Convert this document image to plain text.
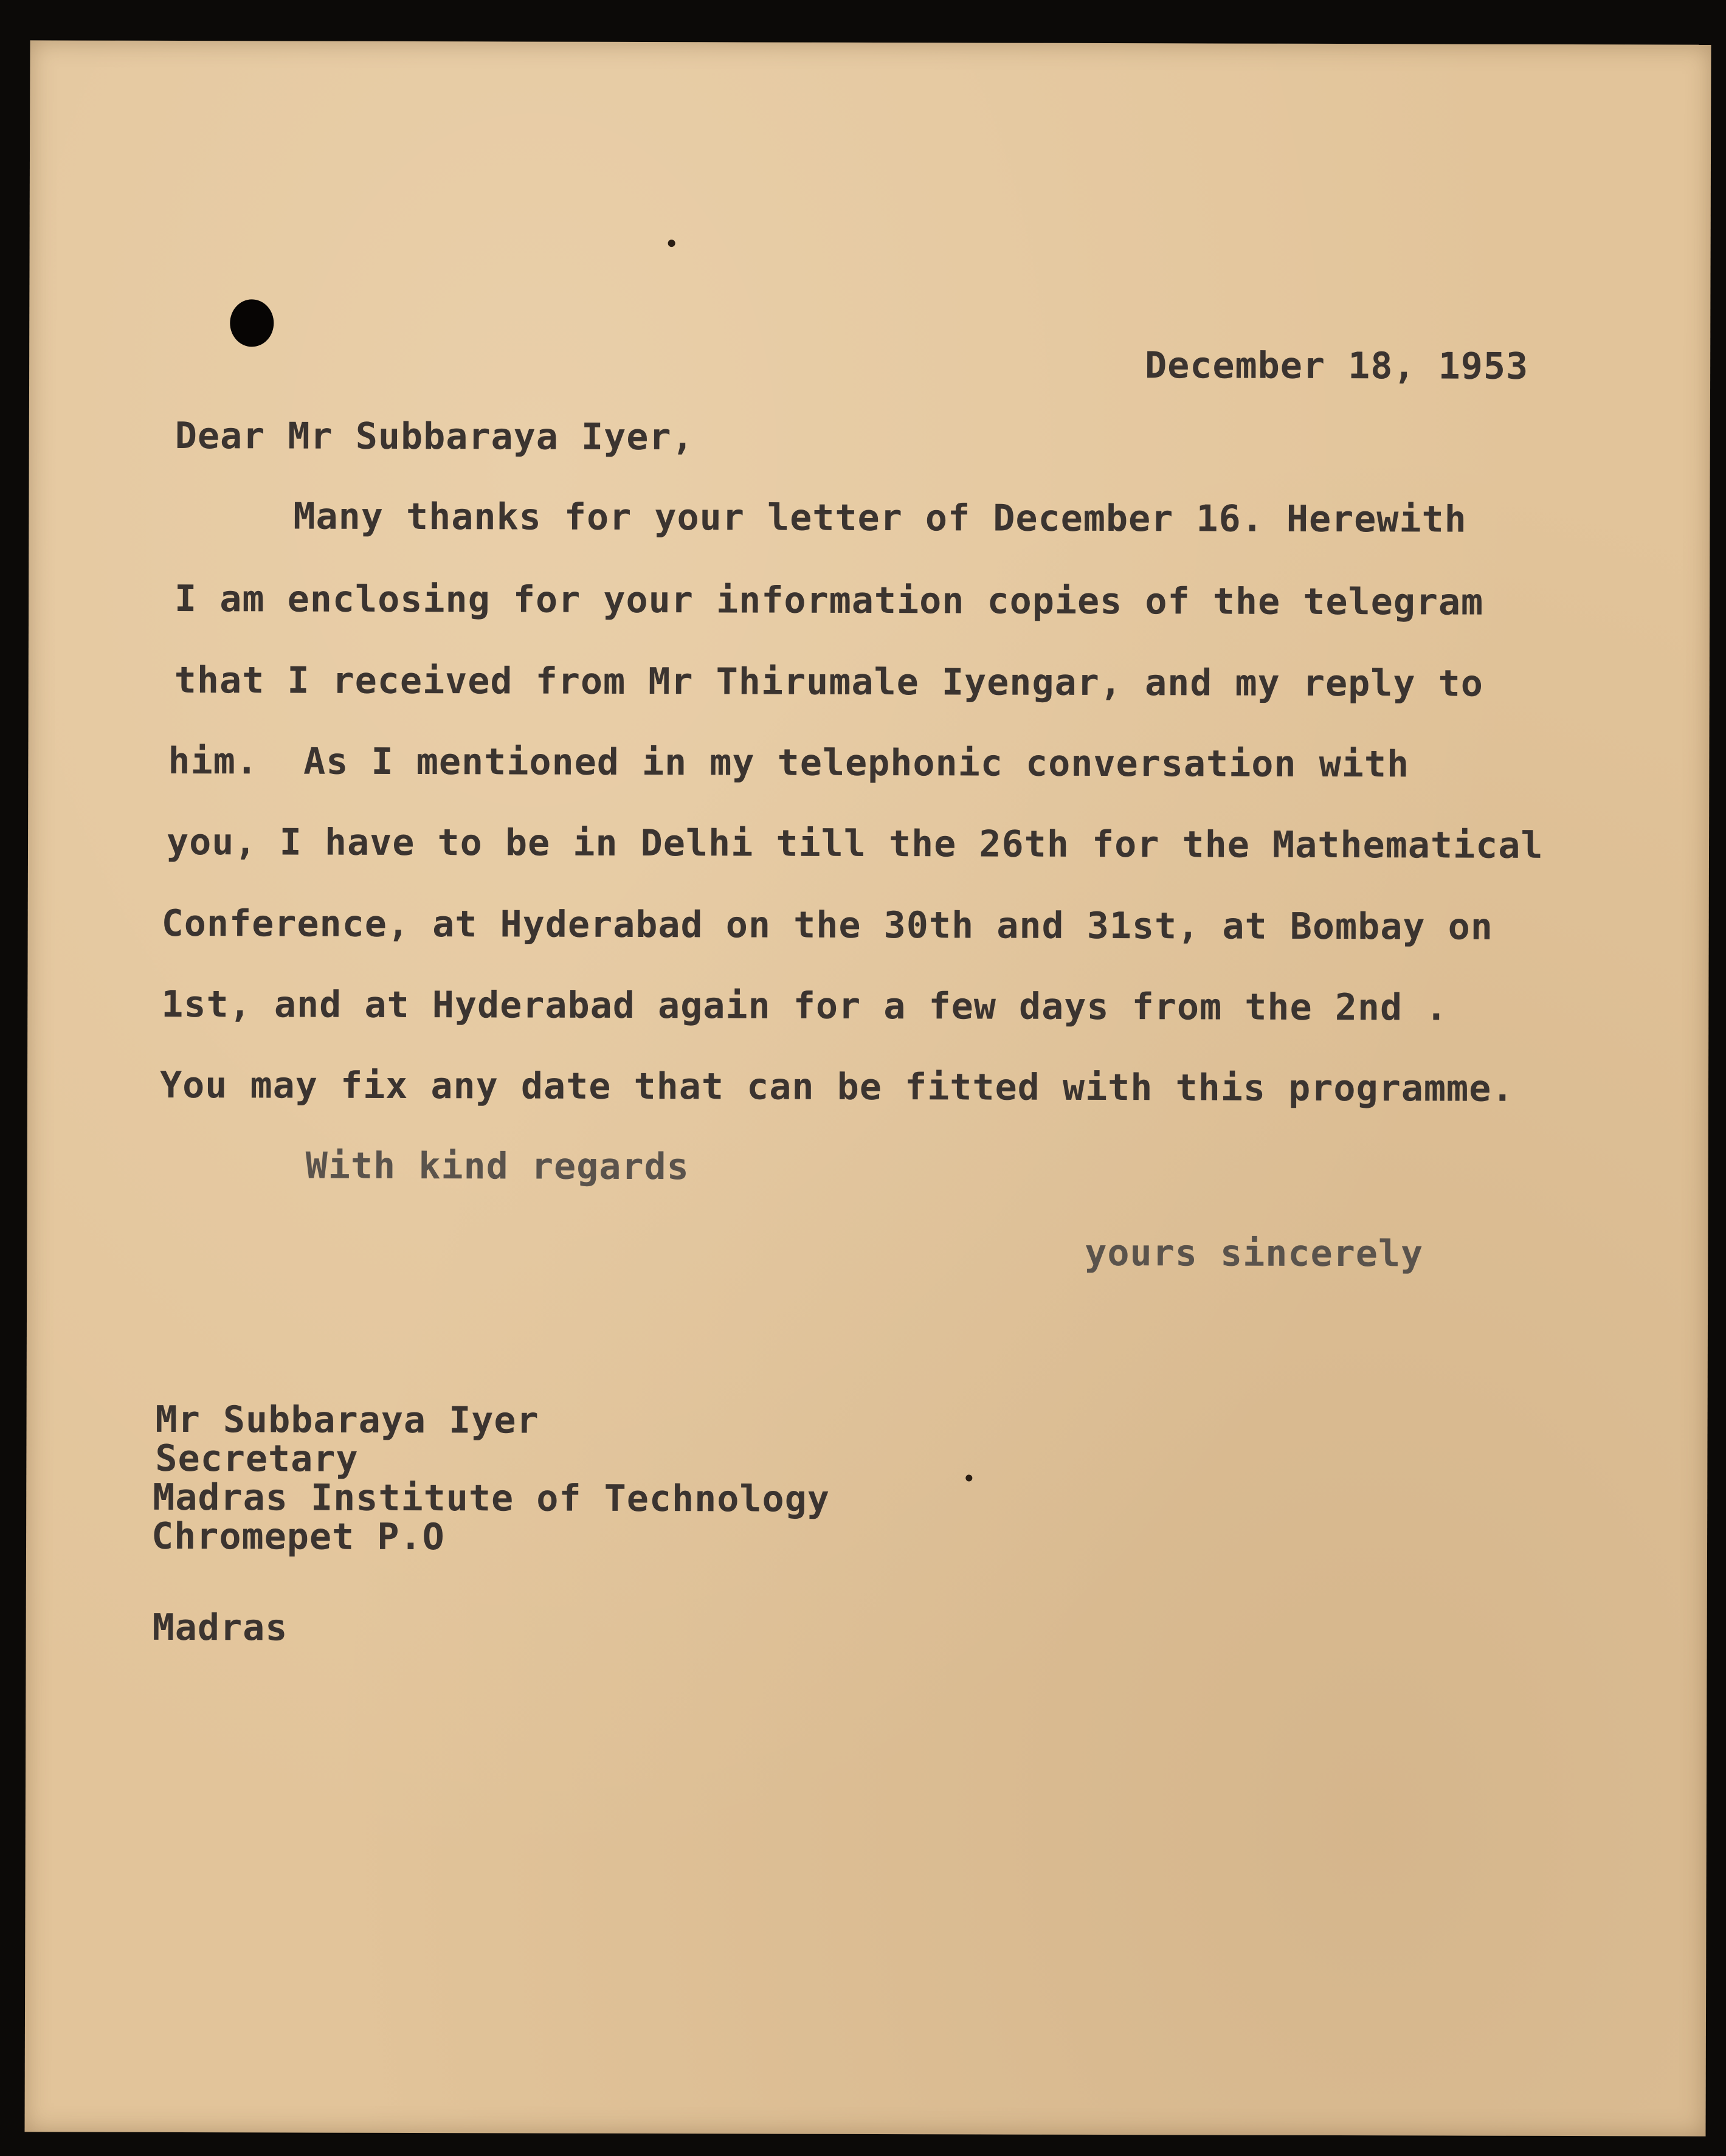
December 18, 1953
Dear Mr Subbaraya Iyer,
Many thanks for your letter of December 16. Herewith
I am enclosing for your information copies of the telegram
that I received from Mr Thirumale Iyengar, and my reply to
him.  As I mentioned in my telephonic conversation with
you, I have to be in Delhi till the 26th for the Mathematical
Conference, at Hyderabad on the 30th and 31st, at Bombay on
1st, and at Hyderabad again for a few days from the 2nd .
You may fix any date that can be fitted with this programme.
With kind regards
yours sincerely
Mr Subbaraya Iyer
Secretary
Madras Institute of Technology
Chromepet P.O
Madras
